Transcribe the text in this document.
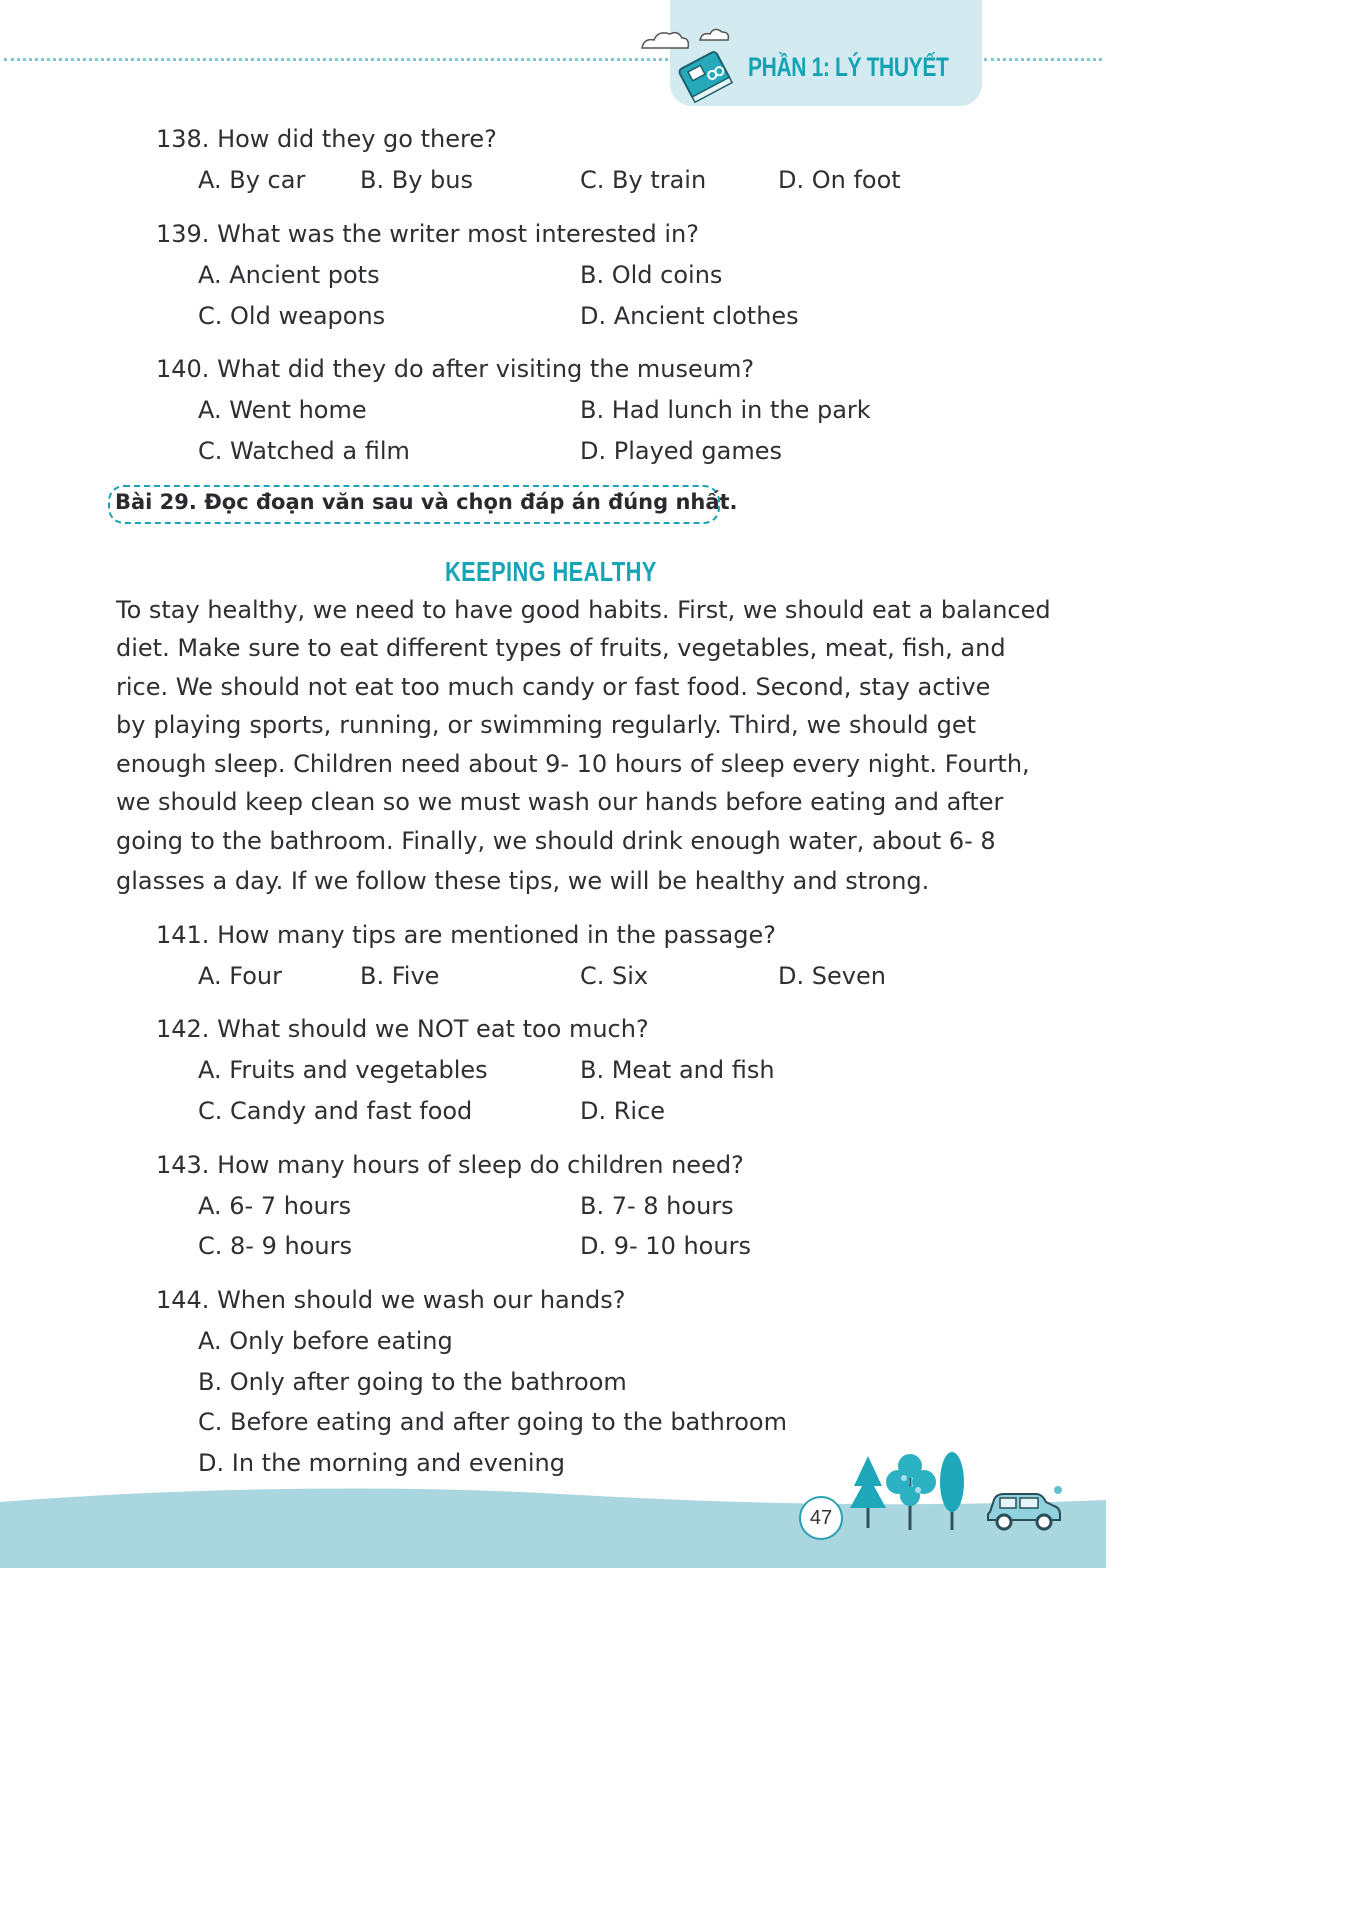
PHẦN 1: LÝ THUYẾT
138. How did they go there?
A. By car B. By bus	C. By train	D. On foot
139. What was the writer most interested in?
A. Ancient pots	B. Old coins
C. Old weapons	D. Ancient clothes
140. What did they do after visiting the museum?
A. Went home	B. Had lunch in the park
C. Watched a film	D. Played games
Bài 29. Đọc đoạn văn sau và chọn đáp án đúng nhất.
KEEPING HEALTHY
To stay healthy, we need to have good habits. First, we should eat a balanced
diet. Make sure to eat different types of fruits, vegetables, meat, fish, and
rice. We should not eat too much candy or fast food. Second, stay active
by playing sports, running, or swimming regularly. Third, we should get
enough sleep. Children need about 9- 10 hours of sleep every night. Fourth,
we should keep clean so we must wash our hands before eating and after
going to the bathroom. Finally, we should drink enough water, about 6- 8
glasses a day. If we follow these tips, we will be healthy and strong.
141. How many tips are mentioned in the passage?
A. Four	B. Five	C. Six	D. Seven
142. What should we NOT eat too much?
A. Fruits and vegetables	B. Meat and fish
C. Candy and fast food	D. Rice
143. How many hours of sleep do children need?
A. 6- 7 hours	B. 7- 8 hours
C. 8- 9 hours	D. 9- 10 hours
144. When should we wash our hands?
A. Only before eating
B. Only after going to the bathroom
C. Before eating and after going to the bathroom
D. In the morning and evening
47
